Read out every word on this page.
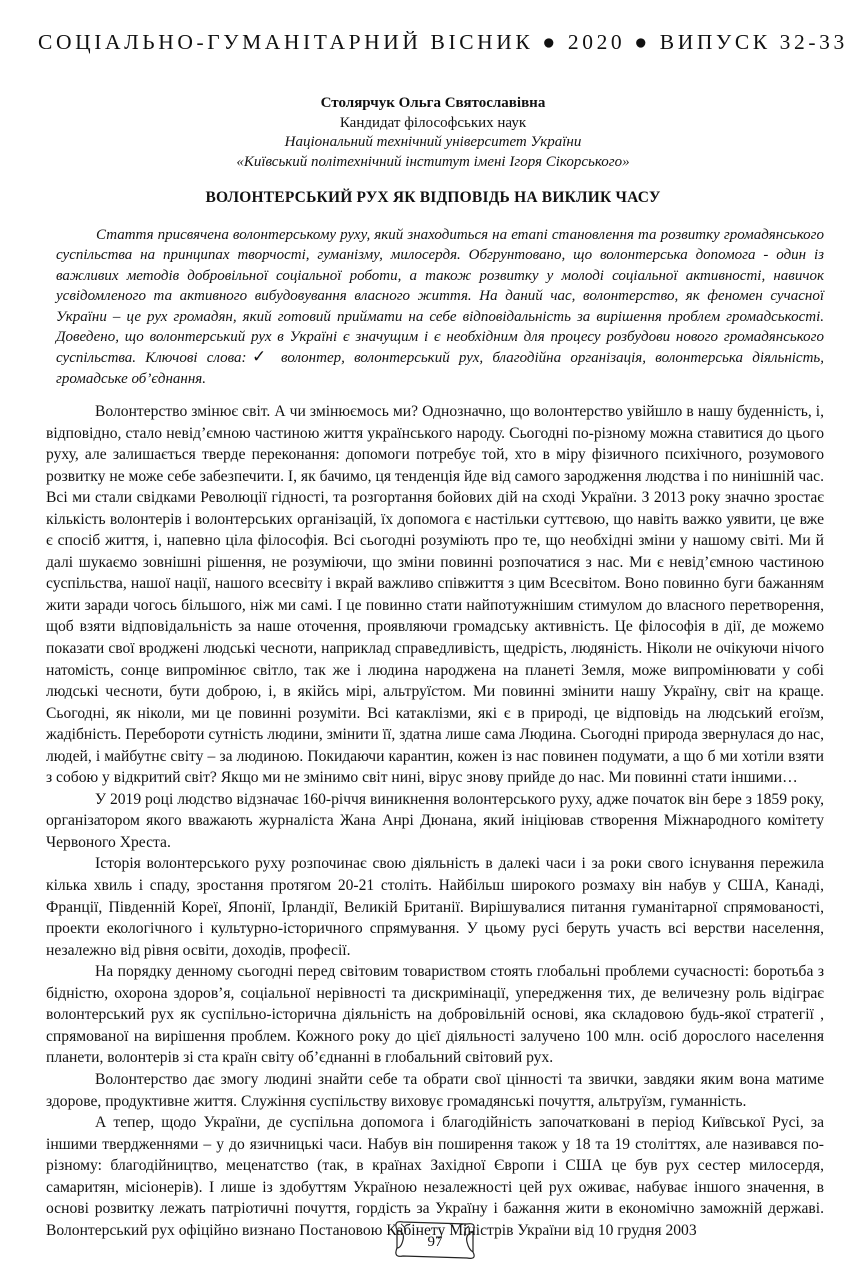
СОЦІАЛЬНО-ГУМАНІТАРНИЙ ВІСНИК ● 2020 ● ВИПУСК 32-33
Столярчук Ольга Святославівна
Кандидат філософських наук
Національний технічний університет України
«Київський політехнічний інститут імені Ігоря Сікорського»
ВОЛОНТЕРСЬКИЙ РУХ ЯК ВІДПОВІДЬ НА ВИКЛИК ЧАСУ

Стаття присвячена волонтерському руху, який знаходиться на етапі становлення та розвитку громадянського суспільства на принципах творчості, гуманізму, милосердя. Обгрунтовано, що волонтерська допомога - один із важливих методів добровільної соціальної роботи, а також розвитку у молоді соціальної активності, навичок усвідомленого та активного вибудовування власного життя. На даний час, волонтерство, як феномен сучасної України – це рух громадян, який готовий приймати на себе відповідальність за вирішення проблем громадськості. Доведено, що волонтерський рух в Україні є значущим і є необхідним для процесу розбудови нового громадянського суспільства. Ключові слова:✓ волонтер, волонтерський рух, благодійна організація, волонтерська діяльність, громадське об’єднання.

Волонтерство змінює світ. А чи змінюємось ми? Однозначно, що волонтерство увійшло в нашу буденність, і, відповідно, стало невід’ємною частиною життя українського народу. Сьогодні по-різному можна ставитися до цього руху, але залишається тверде переконання: допомоги потребує той, хто в міру фізичного психічного, розумового розвитку не може себе забезпечити. І, як бачимо, ця тенденція йде від самого зародження людства і по нинішній час. Всі ми стали свідками Революції гідності, та розгортання бойових дій на сході України. З 2013 року значно зростає кількість волонтерів і волонтерських організацій, їх допомога є настільки суттєвою, що навіть важко уявити, це вже є спосіб життя, і, напевно ціла філософія. Всі сьогодні розуміють про те, що необхідні зміни у нашому світі. Ми й далі шукаємо зовнішні рішення, не розуміючи, що зміни повинні розпочатися з нас. Ми є невід’ємною частиною суспільства, нашої нації, нашого всесвіту і вкрай важливо співжиття з цим Всесвітом. Воно повинно буги бажанням жити заради чогось більшого, ніж ми самі. І це повинно стати найпотужнішим стимулом до власного перетворення, щоб взяти відповідальність за наше оточення, проявляючи громадську активність. Це філософія в дії, де можемо показати свої вроджені людські чесноти, наприклад справедливість, щедрість, людяність. Ніколи не очікуючи нічого натомість, сонце випромінює світло, так же і людина народжена на планеті Земля, може випромінювати у собі людські чесноти, бути доброю, і, в якійсь мірі, альтруїстом. Ми повинні змінити нашу Україну, світ на краще. Сьогодні, як ніколи, ми це повинні розуміти. Всі катаклізми, які є в природі, це відповідь на людський егоїзм, жадібність. Перебороти сутність людини, змінити її, здатна лише сама Людина. Сьогодні природа звернулася до нас, людей, і майбутнє світу – за людиною. Покидаючи карантин, кожен із нас повинен подумати, а що б ми хотіли взяти з собою у відкритий світ? Якщо ми не змінимо світ нині, вірус знову прийде до нас. Ми повинні стати іншими…

У 2019 році людство відзначає 160-річчя виникнення волонтерського руху, адже початок він бере з 1859 року, організатором якого вважають журналіста Жана Анрі Дюнана, який ініціював створення Міжнародного комітету Червоного Хреста.

Історія волонтерського руху розпочинає свою діяльність в далекі часи і за роки свого існування пережила кілька хвиль і спаду, зростання протягом 20-21 століть. Найбільш широкого розмаху він набув у США, Канаді, Франції, Південній Кореї, Японії, Ірландії, Великій Британії. Вирішувалися питання гуманітарної спрямованості, проекти екологічного і культурно-історичного спрямування. У цьому русі беруть участь всі верстви населення, незалежно від рівня освіти, доходів, професії.

На порядку денному сьогодні перед світовим товариством стоять глобальні проблеми сучасності: боротьба з бідністю, охорона здоров’я, соціальної нерівності та дискримінації, упередження тих, де величезну роль відіграє волонтерський рух як суспільно-історична діяльність на добровільній основі, яка складовою будь-якої стратегії , спрямованої на вирішення проблем. Кожного року до цієї діяльності залучено 100 млн. осіб дорослого населення планети, волонтерів зі ста країн світу об’єднанні в глобальний світовий рух.

Волонтерство дає змогу людині знайти себе та обрати свої цінності та звички, завдяки яким вона матиме здорове, продуктивне життя. Служіння суспільству виховує громадянські почуття, альтруїзм, гуманність.

А тепер, щодо України, де суспільна допомога і благодійність започатковані в період Київської Русі, за іншими твердженнями – у до язичницькі часи. Набув він поширення також у 18 та 19 століттях, але називався по-різному: благодійництво, меценатство (так, в країнах Західної Європи і США це був рух сестер милосердя, самаритян, місіонерів). І лише із здобуттям Україною незалежності цей рух оживає, набуває іншого значення, в основі розвитку лежать патріотичні почуття, гордість за Україну і бажання жити в економічно заможній державі. Волонтерський рух офіційно визнано Постановою Кабінету Міністрів України від 10 грудня 2003

97
